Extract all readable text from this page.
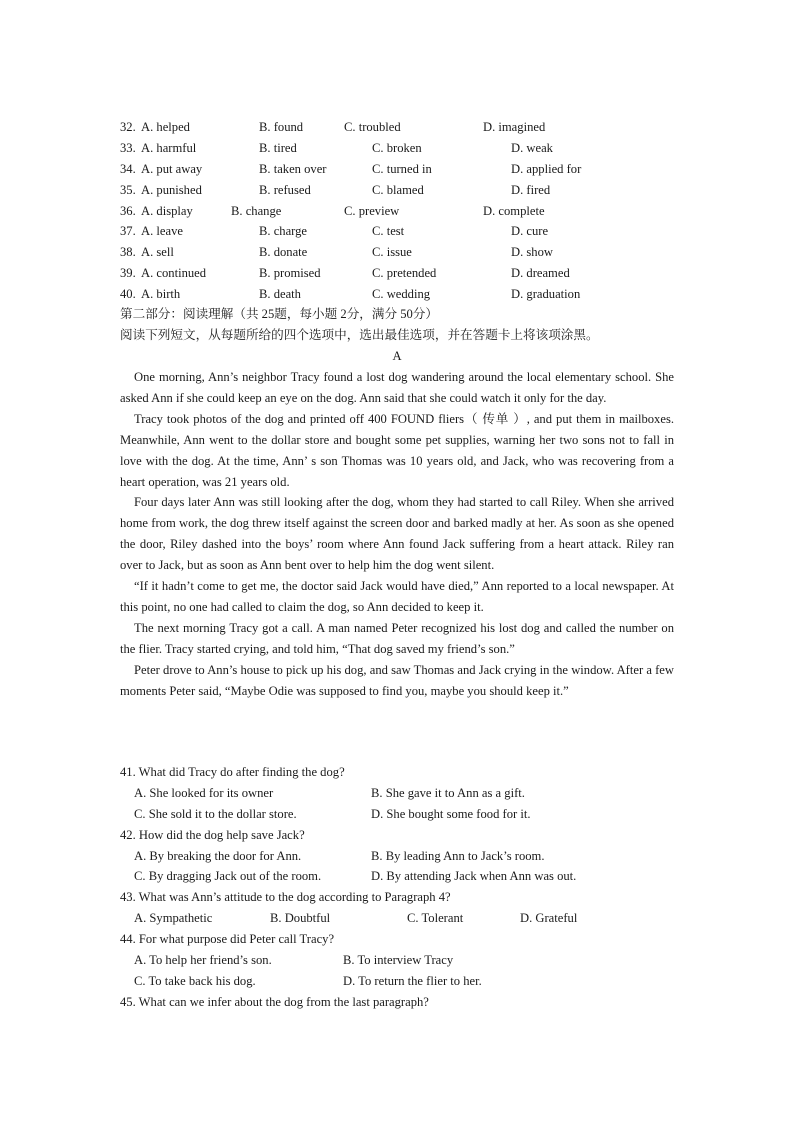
32. A. helped	B. found	C. troubled	D. imagined
33. A. harmful	B. tired	C. broken	D. weak
34. A. put away	B. taken over	C. turned in	D. applied for
35. A. punished	B. refused	C. blamed	D. fired
36. A. display	B. change	C. preview	D. complete
37. A. leave	B. charge	C. test	D. cure
38. A. sell	B. donate	C. issue	D. show
39. A. continued	B. promised	C. pretended	D. dreamed
40. A. birth	B. death	C. wedding	D. graduation
第二部分：阅读理解（共 25题，每小题 2分，满分 50分）
阅读下列短文，从每题所给的四个选项中，选出最佳选项，并在答题卡上将该项涂黑。
A

One morning, Ann’s neighbor Tracy found a lost dog wandering around the local elementary school. She asked Ann if she could keep an eye on the dog. Ann said that she could watch it only for the day.

Tracy took photos of the dog and printed off 400 FOUND fliers（ 传单 ）, and put them in mailboxes. Meanwhile, Ann went to the dollar store and bought some pet supplies, warning her two sons not to fall in love with the dog. At the time, Ann’ s son Thomas was 10 years old, and Jack, who was recovering from a heart operation, was 21 years old.

Four days later Ann was still looking after the dog, whom they had started to call Riley. When she arrived home from work, the dog threw itself against the screen door and barked madly at her. As soon as she opened the door, Riley dashed into the boys’ room where Ann found Jack suffering from a heart attack. Riley ran over to Jack, but as soon as Ann bent over to help him the dog went silent.

“If it hadn’t come to get me, the doctor said Jack would have died,” Ann reported to a local newspaper. At this point, no one had called to claim the dog, so Ann decided to keep it.

The next morning Tracy got a call. A man named Peter recognized his lost dog and called the number on the flier. Tracy started crying, and told him, “That dog saved my friend’s son.”

Peter drove to Ann’s house to pick up his dog, and saw Thomas and Jack crying in the window. After a few moments Peter said, “Maybe Odie was supposed to find you, maybe you should keep it.”

41. What did Tracy do after finding the dog?
A. She looked for its owner	B. She gave it to Ann as a gift.
C. She sold it to the dollar store.	D. She bought some food for it.
42. How did the dog help save Jack?
A. By breaking the door for Ann.	B. By leading Ann to Jack’s room.
C. By dragging Jack out of the room.	D. By attending Jack when Ann was out.
43. What was Ann’s attitude to the dog according to Paragraph 4?
A. Sympathetic	B. Doubtful	C. Tolerant	D. Grateful
44. For what purpose did Peter call Tracy?
A. To help her friend’s son.	B. To interview Tracy
C. To take back his dog.	D. To return the flier to her.
45. What can we infer about the dog from the last paragraph?
